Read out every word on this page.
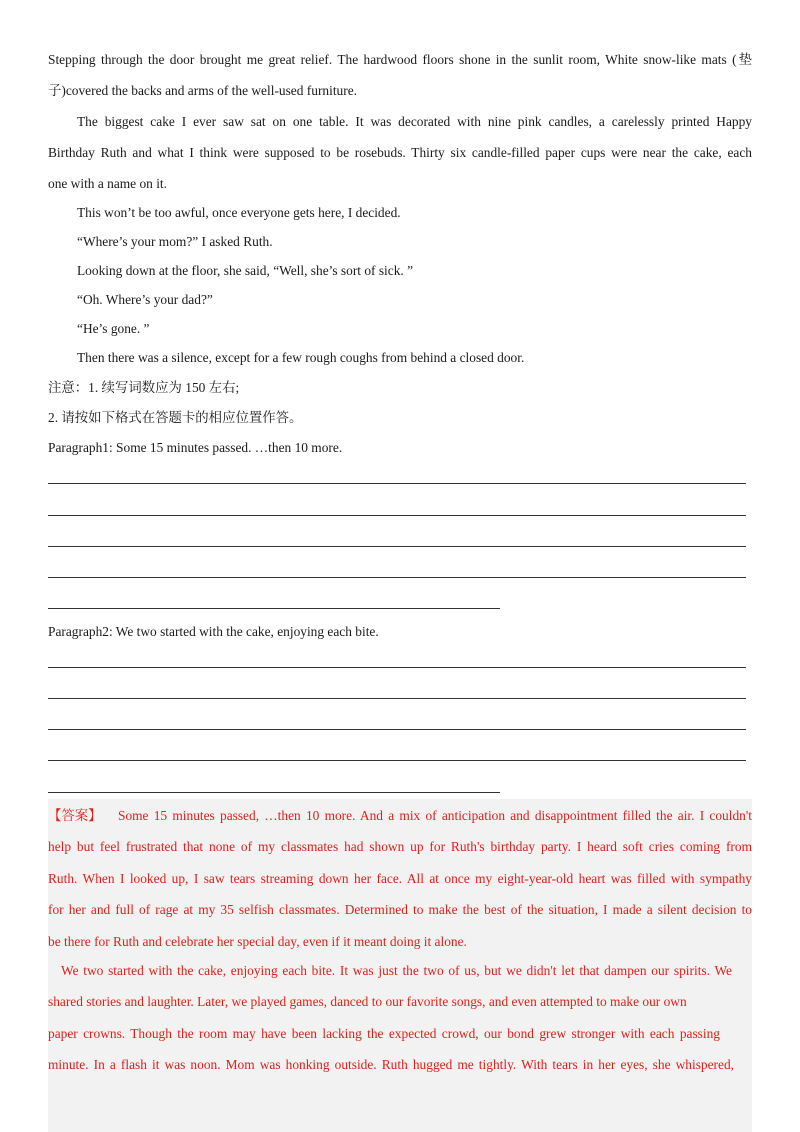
Stepping through the door brought me great relief. The hardwood floors shone in the sunlit room, White snow-like mats (垫
子)covered the backs and arms of the well-used furniture.
The biggest cake I ever saw sat on one table. It was decorated with nine pink candles, a carelessly printed Happy
Birthday Ruth and what I think were supposed to be rosebuds. Thirty six candle-filled paper cups were near the cake, each
one with a name on it.
This won’t be too awful, once everyone gets here, I decided.
“Where’s your mom?” I asked Ruth.
Looking down at the floor, she said, “Well, she’s sort of sick. ”
“Oh. Where’s your dad?”
“He’s gone. ”
Then there was a silence, except for a few rough coughs from behind a closed door.
注意：1. 续写词数应为 150 左右;
2. 请按如下格式在答题卡的相应位置作答。
Paragraph1: Some 15 minutes passed. …then 10 more.
Paragraph2: We two started with the cake, enjoying each bite.
【答案】	Some 15 minutes passed, …then 10 more. And a mix of anticipation and disappointment filled the air. I couldn't
help but feel frustrated that none of my classmates had shown up for Ruth's birthday party. I heard soft cries coming from
Ruth. When I looked up, I saw tears streaming down her face. All at once my eight-year-old heart was filled with sympathy
for her and full of rage at my 35 selfish classmates. Determined to make the best of the situation, I made a silent decision to
be there for Ruth and celebrate her special day, even if it meant doing it alone.
We two started with the cake, enjoying each bite. It was just the two of us, but we didn't let that dampen our spirits. We
shared stories and laughter. Later, we played games, danced to our favorite songs, and even attempted to make our own
paper crowns. Though the room may have been lacking the expected crowd, our bond grew stronger with each passing
minute. In a flash it was noon. Mom was honking outside. Ruth hugged me tightly. With tears in her eyes, she whispered,
